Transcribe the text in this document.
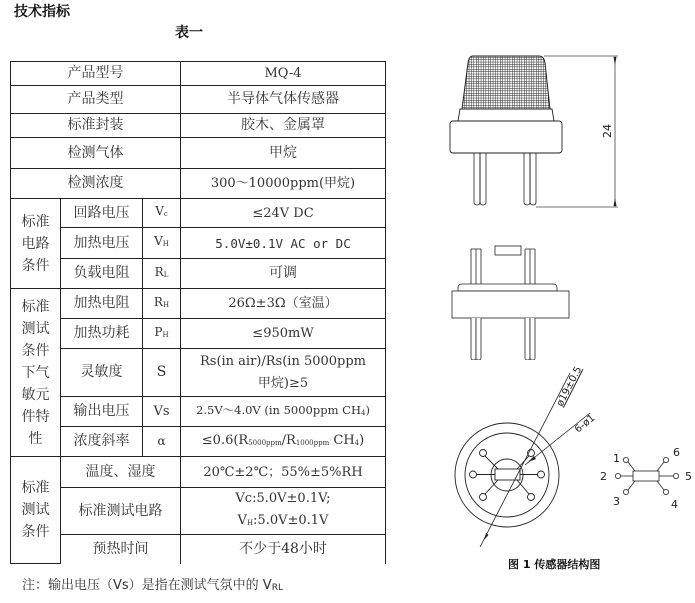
技术指标
表一
产品型号			MQ-4
产品类型			半导体气体传感器
标准封装			胶木、金属罩
检测气体			甲烷
检测浓度			300～10000ppm(甲烷)

标准电路条件	回路电压	$V_c$	≤24V DC
	加热电压	$V_H$	5.0V±0.1V AC or DC
	负载电阻	$R_L$	可调

标准测试条件下气敏元件特性	加热电阻	$R_H$	26Ω±3Ω（室温）
	加热功耗	$P_H$	≤950mW
	灵敏度	S	Rs(in air)/Rs(in 5000ppm
甲烷)≥5

	输出电压	Vs	2.5V～4.0V (in 5000ppm $CH_4$)
	浓度斜率	α	$\le 0.6(R_{5000ppm}/R_{1000ppm}$ $CH_4$)

标准测试条件	温度、湿度		20℃±2℃；55%±5%RH
	标准测试电路		Vc:5.0V±0.1V;
$V_H:5.0V\pm 0.1V$

	预热时间		不少于48小时
注：输出电压（Vs）是指在测试气氛中的 $V_{RL}$
24
ø19±0.5
6-ø1
1
2
3	4
5
6
图 1 传感器结构图
